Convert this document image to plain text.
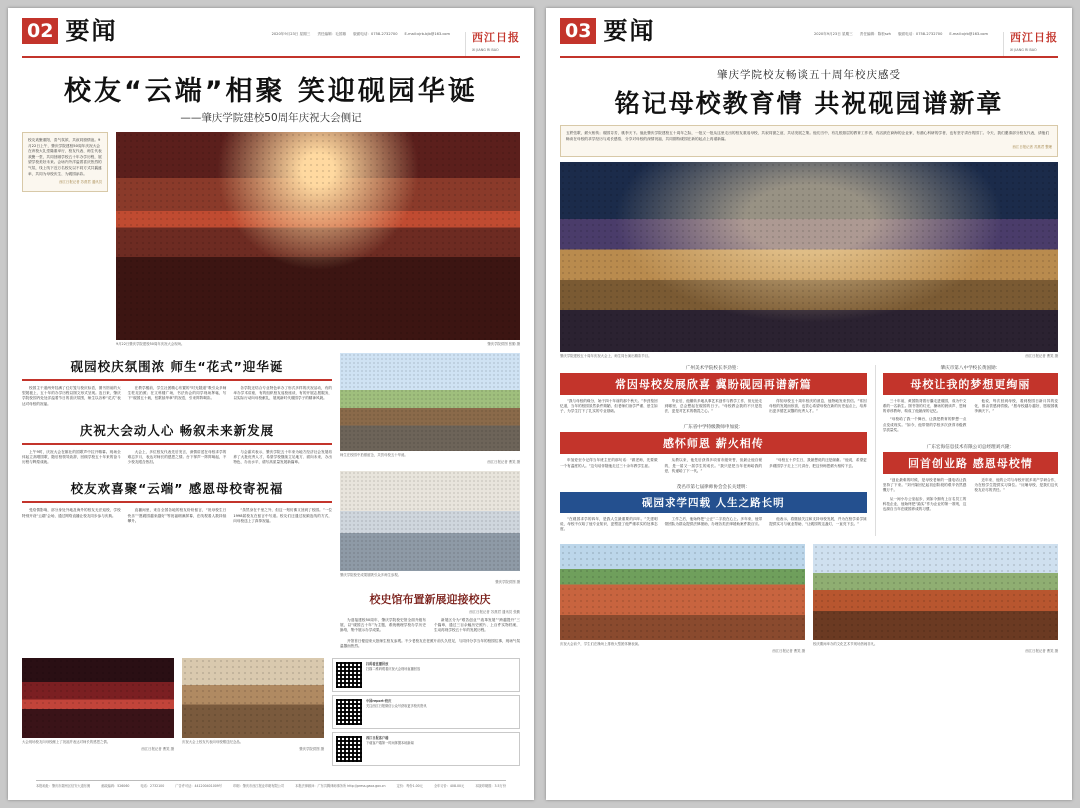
02 要闻	2020年9月23日 星期三 责任编辑：毛国雄 版面电话：0758-2732700 E-mail:xjrb-bjb@163.com	西江日报
XI JIANG RI BAO
校友“云端”相聚 笑迎砚园华诞
——肇庆学院建校50周年庆祝大会侧记
校友欢聚重阳，喜气氛浓，共叙同窗情谊。9月22日上午，肇庆学院建校50周年庆祝大会在该校大礼堂隆重举行，校友代表、师生代表欢聚一堂，共同回顾学校五十年办学历程，展望学校美好未来。会场内外洋溢着喜庆热烈的气氛，线上线下近万名校友以不同方式共襄盛举，共同为母校庆生、为砚园添彩。
西江日报记者 苏燕君 通讯员
9月22日肇庆学院建校50周年庆祝大会现场。	肇庆学院供图 张勤 摄
砚园校庆氛围浓 师生“花式”迎华诞

校园主干道两旁挂满了红灯笼与校庆标语，图书馆前的大型展板上，五十年的办学历程以图文形式呈现。连日来，肇庆学院校园内处处洋溢着节日的喜庆氛围，师生以各种“花式”表达对母校的祝福。

在教学楼前，学生社团精心布置的“时光隧道”吸引众多师生驻足拍照；在文科楼广场，书法协会的同学现场挥毫，写下“砚园五十载，弦歌续华章”的祝语，引来阵阵喝彩。

各学院还结合专业特色举办了形式多样的庆祝活动，有的举办学术讲座，有的组织校友返校座谈，有的开展志愿服务，以实际行动向母校献礼，展现新时代砚园学子的精神风貌。

庆祝大会动人心 畅叙未来新发展

上午9时，庆祝大会在雄壮的国歌声中拉开帷幕。现场全体起立高唱国歌，随后校领导致辞，回顾学校五十年来的奋斗历程与辉煌成就。

大会上，多位校友代表先后发言，深情讲述在母校求学的难忘岁月，表达对师长的感恩之情。台下掌声一阵阵响起，不少校友眼含热泪。

与会嘉宾表示，肇庆学院五十年来为地方经济社会发展培养了大批优秀人才，希望学校继续立足地方、面向未来，办出特色、办出水平，谱写高质量发展新篇章。

校友欢喜聚“云端” 感恩母校寄祝福

受疫情影响，部分身处外地及海外的校友无法返校，学校特别开设“云端”会场，通过网络直播让校友同步参与庆典。

直播间里，来自全国各地的校友纷纷留言，“祝母校生日快乐”“愿砚园越来越好”等祝福刷满屏幕，在线观看人数持续攀升。

“虽然身在千里之外，但这一刻仿佛又回到了校园。”一位1998届校友在留言中写道。校友们还通过视频连线的方式，向母校送上了真挚祝福。

师生在校园中拍照留念，共贺母校五十华诞。
西江日报记者 曹笑 摄
肇庆学院校史成果展吸引众多师生参观。
肇庆学院供图 摄
校史馆布置新展迎接校庆
西江日报记者 苏燕君 通讯员 张勤

为迎接建校50周年，肇庆学院校史馆全面升级布展，以“砚园五十年”为主题，系统梳理学校办学历史脉络，集中展示办学成果。

新展区分为“艰苦创业”“改革发展”“跨越提升”三个篇章，通过三百余幅历史照片、上百件实物档案，生动再现学校五十年的发展历程。

开馆首日便迎来大批师生校友参观。不少老校友在老照片前久久驻足，与同伴分享当年的校园往事，现场气氛温馨而热烈。

大会现场校友向母校献上了祝福并表达对师长的感恩之情。
西江日报记者 曹笑 摄
庆祝大会上校友代表向母校赠送纪念品。
肇庆学院供图 摄
扫码看直播回放
扫描二维码观看庆祝大会现场直播回放
中国report·校庆
关注西江日报微信公众号获取更多校庆资讯
西江日报客户端
下载客户端第一时间掌握本地新闻
本报地址：肇庆市端州区信安大道东侧	邮政编码：526060	电话：2732100	广告许可证：441200401009号	印刷：肇庆市西江报业印刷有限公司	本报法律顾问：广东共腾律师事务所 http://press.gaoz.gov.cn	定价：每份1.00元	全年订价：408.00元	本版印刷数：3.5万份
03 要闻	2020年9月23日 星期三 责任编辑：陈松szh 版面电话：0758-2732700 E-mail:xjrb@163.com	西江日报
XI JIANG RI BAO
肇庆学院校友畅谈五十周年校庆感受
铭记母校教育情 共祝砚园谱新章
五秩弦歌，薪火相传；砚园芬芳，桃李天下。值此肇庆学院建校五十周年之际，一批又一批从这里走出的校友重返母校，共叙同窗之谊、共话发展之策。他们当中，有扎根基层的教育工作者，有活跃在商海的企业家，有潜心科研的学者，也有坚守讲台的园丁。今天，我们邀请部分校友代表，请他们畅谈在母校的求学经历与成长感悟，分享对母校的深情祝福，共同期待砚园在新的起点上再谱新篇。
西江日报记者 苏燕君 整理
肇庆学院建校五十周年庆祝大会上，师生同台演出精彩节目。	西江日报记者 曹笑 摄
广州美术学院校长李劲堃：
常因母校发展欣喜 冀盼砚园再谱新篇

“我与母校的缘分，始于四十年前的那个秋天。”李劲堃回忆道，当年的校园虽然条件简陋，但老师们治学严谨、爱生如子，为学生打下了扎实的专业基础。

毕业后，他辗转多地从事艺术创作与教学工作，但无论走到哪里，总会想起在砚园的日子。“母校教会我的不只是技法，更是对艺术的敬畏之心。”

得知母校五十周年校庆的消息，他特地发来贺信。“常因母校的发展而欣喜，也衷心希望母校在新的历史起点上，培养出更多德艺双馨的优秀人才。”

广东省中学特级教师申加爱：
感怀师恩 薪火相传

申加爱至今记得当年班主任的那句话：“做老师，先要做一个有温度的人。”这句话伴随他走过三十余年教学生涯。

从教以来，他先后获得多项省市级荣誉，但最让他自豪的，是一届又一届学生的成长。“我只是把当年老师给我的爱，传递给了下一代。”

“母校五十岁生日，我最想说的还是谢谢。”他说，希望更多砚园学子走上三尺讲台，把这份师恩薪火相传下去。

茂名市第七届律师协会会长关建明：
砚园求学四载 人生之路长明

“在砚园求学的四年，是我人生最重要的四年。”关建明说，母校不仅给了他专业知识，更塑造了他严谨求实的处事态度。

工作之后，他始终把“公正”二字放在心上。多年来，他带领团队为群众提供法律援助，办理各类法律援助案件数百宗。

他表示，将继续关注和支持母校发展，并为在校学弟学妹提供实习与就业帮助，“让砚园的这盏灯，一直亮下去。”

肇庆市第八中学校长黄国勋：
母校让我的梦想更绚丽

三十年前，黄国勋背着行囊走进砚园，成为中文系的一名新生。图书馆的灯光、操场的晨读声、恩师的谆谆教诲，构成了他最深的记忆。

“母校给了我一个舞台，让我把教育的梦想一点点变成现实。”如今，他带领的学校多次获得市级教学质量奖。

他说，每次回到母校，看到校园日新月异的变化，都由衷感到骄傲。“愿母校越办越好，愿砚园桃李满天下。”

广东宏海信息技术有限公司总经理刘兴隆：
回首创业路 感恩母校情

“创业最难的时候，是母校老师的一通电话让我坚持了下来。”刘兴隆回忆起初创阶段的艰辛仍然感慨万千。

从一间小办公室起步，到如今拥有上百名员工的科技企业，他始终把“踏实”作为企业的第一准则，这也源自当年在砚园养成的习惯。

近年来，他的公司与母校开展多项产学研合作，为在校学生提供实习岗位。“反哺母校，是我们这代校友应尽的责任。”

庆祝大会前夕，学生们在操场上排练大型团体操表演。
西江日报记者 曹笑 摄
校庆期间举办的文化艺术节现场热闹非凡。
西江日报记者 曹笑 摄
